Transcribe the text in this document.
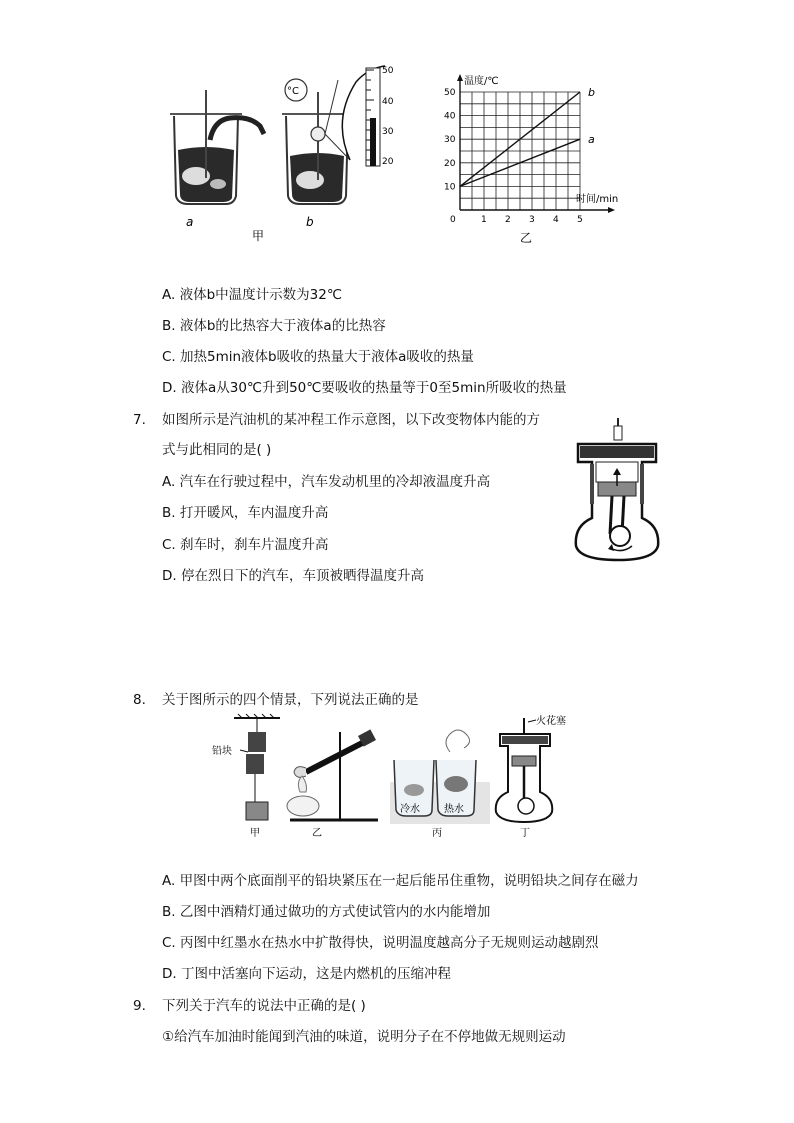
°C
50
40
30
20
a	b
甲
0	1 2 3 4 5
10
20
30
40
50	b
a
温度/℃
时间/min
乙
A. 液体b中温度计示数为32℃
B. 液体b的比热容大于液体a的比热容
C. 加热5min液体b吸收的热量大于液体a吸收的热量
D. 液体a从30℃升到50℃要吸收的热量等于0至5min所吸收的热量
7. 如图所示是汽油机的某冲程工作示意图，以下改变物体内能的方
式与此相同的是( )
A. 汽车在行驶过程中，汽车发动机里的冷却液温度升高
B. 打开暖风，车内温度升高
C. 刹车时，刹车片温度升高
D. 停在烈日下的汽车，车顶被晒得温度升高
8. 关于图所示的四个情景，下列说法正确的是
铅块
冷水 热水
火花塞
甲	乙	丙	丁
A. 甲图中两个底面削平的铅块紧压在一起后能吊住重物，说明铅块之间存在磁力
B. 乙图中酒精灯通过做功的方式使试管内的水内能增加
C. 丙图中红墨水在热水中扩散得快，说明温度越高分子无规则运动越剧烈
D. 丁图中活塞向下运动，这是内燃机的压缩冲程
9. 下列关于汽车的说法中正确的是( )
①给汽车加油时能闻到汽油的味道，说明分子在不停地做无规则运动
